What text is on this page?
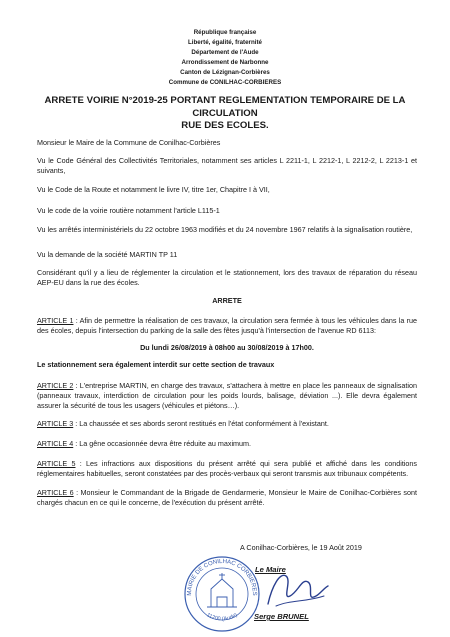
République française
Liberté, égalité, fraternité
Département de l'Aude
Arrondissement de Narbonne
Canton de Lézignan-Corbières
Commune de CONILHAC-CORBIERES
ARRETE VOIRIE N°2019-25 PORTANT REGLEMENTATION TEMPORAIRE DE LA CIRCULATION
RUE DES ECOLES.
Monsieur le Maire de la Commune de Conilhac-Corbières
Vu le Code Général des Collectivités Territoriales, notamment ses articles L 2211-1, L 2212-1, L 2212-2, L 2213-1 et suivants,
Vu le Code de la Route et notamment le livre IV, titre 1er, Chapitre I à VII,
Vu le code de la voirie routière notamment l'article L115-1
Vu les arrêtés interministériels du 22 octobre 1963 modifiés et du 24 novembre 1967 relatifs à la signalisation routière,
Vu la demande de la société MARTIN TP 11
Considérant qu'il y a lieu de réglementer la circulation et le stationnement, lors des travaux de réparation du réseau AEP-EU dans la rue des écoles.
ARRETE
ARTICLE 1 : Afin de permettre la réalisation de ces travaux, la circulation sera fermée à tous les véhicules dans la rue des écoles, depuis l'intersection du parking de la salle des fêtes jusqu'à l'intersection de l'avenue RD 6113:
Du lundi 26/08/2019 à 08h00 au 30/08/2019 à 17h00.
Le stationnement sera également interdit sur cette section de travaux
ARTICLE 2 : L'entreprise MARTIN, en charge des travaux, s'attachera à mettre en place les panneaux de signalisation (panneaux travaux, interdiction de circulation pour les poids lourds, balisage, déviation ...). Elle devra également assurer la sécurité de tous les usagers (véhicules et piétons…).
ARTICLE 3 : La chaussée et ses abords seront restitués en l'état conformément à l'existant.
ARTICLE 4 : La gêne occasionnée devra être réduite au maximum.
ARTICLE 5 : Les infractions aux dispositions du présent arrêté qui sera publié et affiché dans les conditions réglementaires habituelles, seront constatées par des procès-verbaux qui seront transmis aux tribunaux compétents.
ARTICLE 6 : Monsieur le Commandant de la Brigade de Gendarmerie, Monsieur le Maire de Conilhac-Corbières sont chargés chacun en ce qui le concerne, de l'exécution du présent arrêté.
A Conilhac-Corbières, le 19 Août 2019
MAIRIE DE CONILHAC CORBIERES
11200 (Aude)
Le Maire
Serge BRUNEL
